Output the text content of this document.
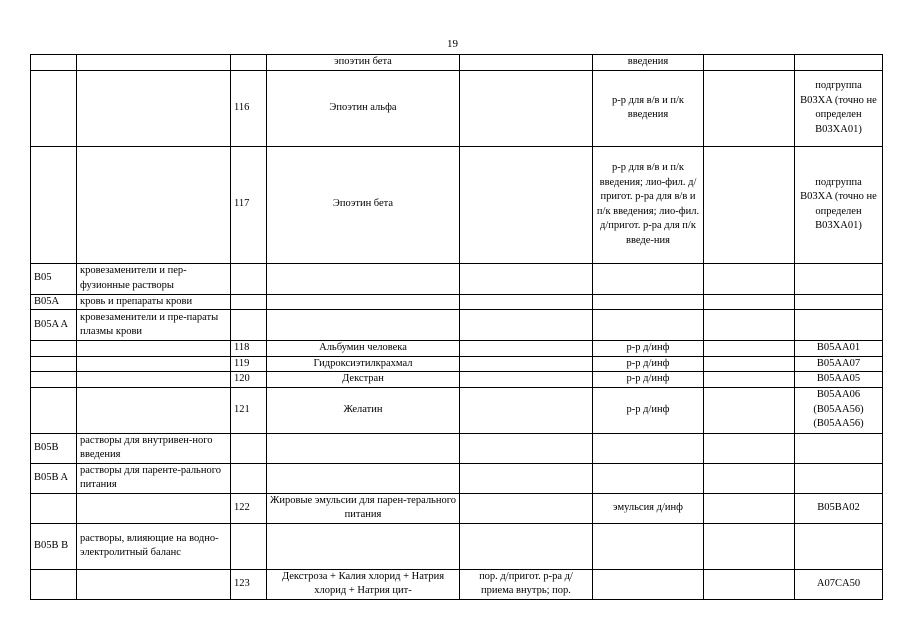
19
			эпоэтин бета		введения		
		116	Эпоэтин альфа		р-р для в/в и п/к введения		подгруппа B03XA (точно не определен B03XA01)
		117	Эпоэтин бета		р-р для в/в и п/к введения; лио-фил. д/пригот. р-ра для в/в и п/к введения; лио-фил. д/пригот. р-ра для п/к введе-ния		подгруппа B03XA (точно не определен B03XA01)
B05	кровезаменители и пер-фузионные растворы						
B05A	кровь и препараты крови						
B05A A	кровезаменители и пре-параты плазмы крови						
		118	Альбумин человека		р-р д/инф		B05AA01
		119	Гидроксиэтилкрахмал		р-р д/инф		B05AA07
		120	Декстран		р-р д/инф		B05AA05
		121	Желатин		р-р д/инф		B05AA06 (B05AA56) (B05AA56)
B05B	растворы для внутривен-ного введения						
B05B A	растворы для паренте-рального питания						
		122	Жировые эмульсии для парен-терального питания		эмульсия д/инф		B05BA02
B05B B	растворы, влияющие на водно-электролитный баланс						
		123	Декстроза + Калия хлорид + Натрия хлорид + Натрия цит-	пор. д/пригот. р-ра д/приема внутрь; пор.			A07CA50
